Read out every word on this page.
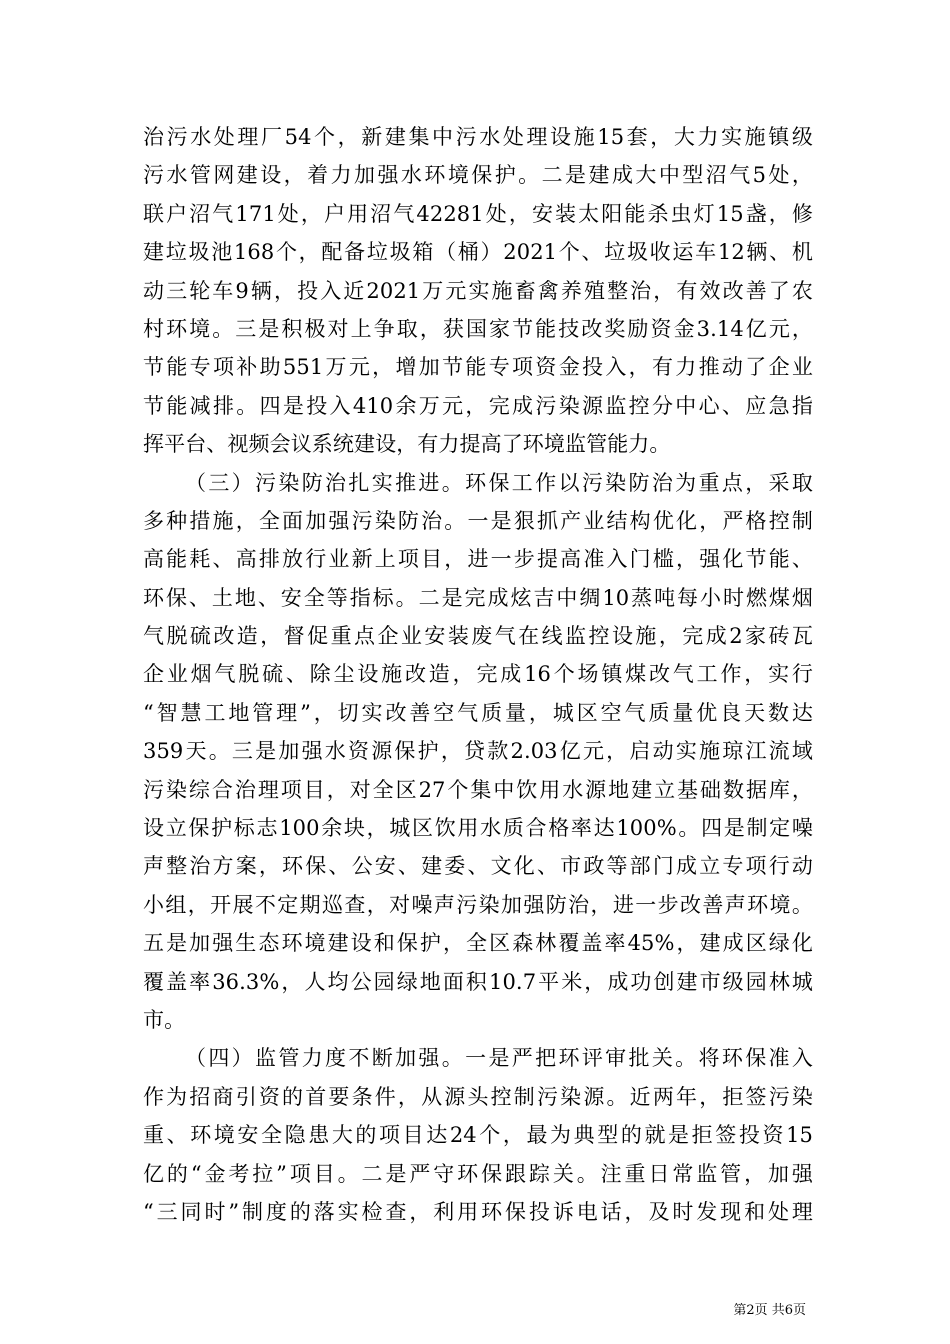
治污水处理厂54个，新建集中污水处理设施15套，大力实施镇级
污水管网建设，着力加强水环境保护。二是建成大中型沼气5处，
联户沼气171处，户用沼气42281处，安装太阳能杀虫灯15盏，修
建垃圾池168个，配备垃圾箱（桶）2021个、垃圾收运车12辆、机
动三轮车9辆，投入近2021万元实施畜禽养殖整治，有效改善了农
村环境。三是积极对上争取，获国家节能技改奖励资金3.14亿元，
节能专项补助551万元，增加节能专项资金投入，有力推动了企业
节能减排。四是投入410余万元，完成污染源监控分中心、应急指
挥平台、视频会议系统建设，有力提高了环境监管能力。
（三）污染防治扎实推进。环保工作以污染防治为重点，采取
多种措施，全面加强污染防治。一是狠抓产业结构优化，严格控制
高能耗、高排放行业新上项目，进一步提高准入门槛，强化节能、
环保、土地、安全等指标。二是完成炫吉中绸10蒸吨每小时燃煤烟
气脱硫改造，督促重点企业安装废气在线监控设施，完成2家砖瓦
企业烟气脱硫、除尘设施改造，完成16个场镇煤改气工作，实行
“智慧工地管理”，切实改善空气质量，城区空气质量优良天数达
359天。三是加强水资源保护，贷款2.03亿元，启动实施琼江流域
污染综合治理项目，对全区27个集中饮用水源地建立基础数据库，
设立保护标志100余块，城区饮用水质合格率达100%。四是制定噪
声整治方案，环保、公安、建委、文化、市政等部门成立专项行动
小组，开展不定期巡查，对噪声污染加强防治，进一步改善声环境。
五是加强生态环境建设和保护，全区森林覆盖率45%，建成区绿化
覆盖率36.3%，人均公园绿地面积10.7平米，成功创建市级园林城
市。
（四）监管力度不断加强。一是严把环评审批关。将环保准入
作为招商引资的首要条件，从源头控制污染源。近两年，拒签污染
重、环境安全隐患大的项目达24个，最为典型的就是拒签投资15
亿的“金考拉”项目。二是严守环保跟踪关。注重日常监管，加强
“三同时”制度的落实检查，利用环保投诉电话，及时发现和处理
第2页 共6页
